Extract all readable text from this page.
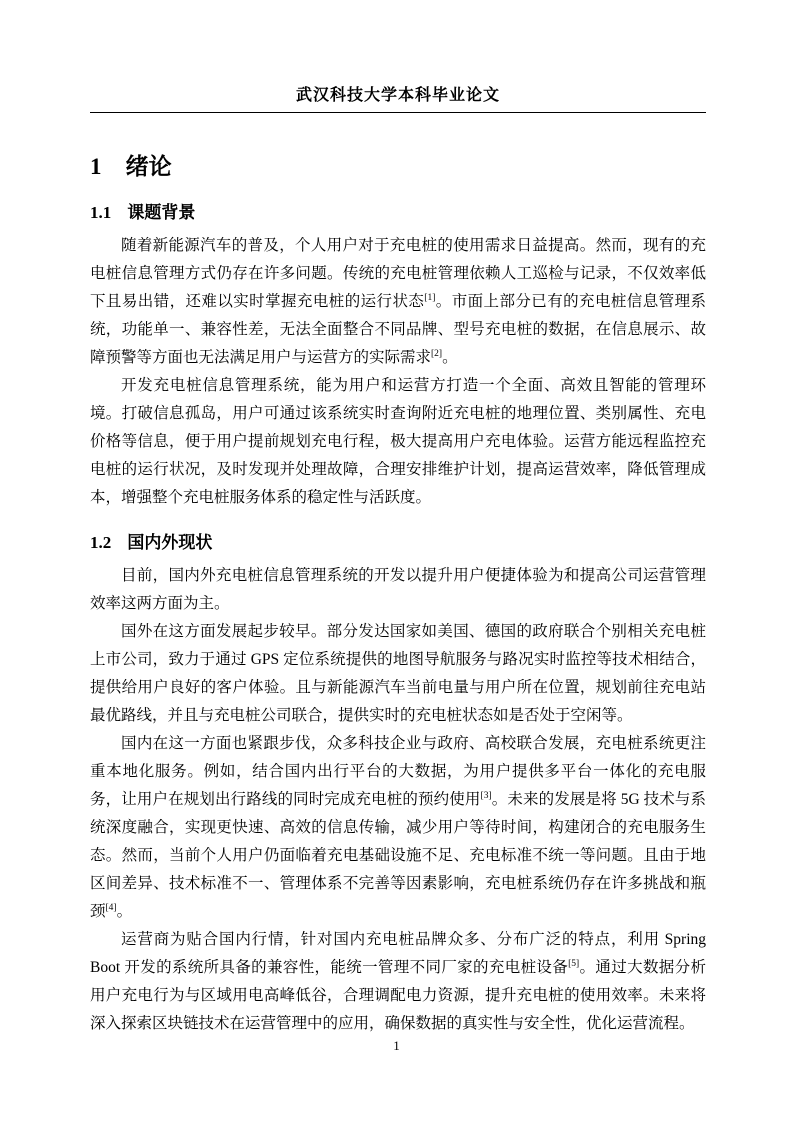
武汉科技大学本科毕业论文
1 绪论
1.1 课题背景

随着新能源汽车的普及，个人用户对于充电桩的使用需求日益提高。然而，现有的充电桩信息管理方式仍存在许多问题。传统的充电桩管理依赖人工巡检与记录，不仅效率低下且易出错，还难以实时掌握充电桩的运行状态[1]。市面上部分已有的充电桩信息管理系统，功能单一、兼容性差，无法全面整合不同品牌、型号充电桩的数据，在信息展示、故障预警等方面也无法满足用户与运营方的实际需求[2]。

开发充电桩信息管理系统，能为用户和运营方打造一个全面、高效且智能的管理环境。打破信息孤岛，用户可通过该系统实时查询附近充电桩的地理位置、类别属性、充电价格等信息，便于用户提前规划充电行程，极大提高用户充电体验。运营方能远程监控充电桩的运行状况，及时发现并处理故障，合理安排维护计划，提高运营效率，降低管理成本，增强整个充电桩服务体系的稳定性与活跃度。

1.2 国内外现状

目前，国内外充电桩信息管理系统的开发以提升用户便捷体验为和提高公司运营管理效率这两方面为主。

国外在这方面发展起步较早。部分发达国家如美国、德国的政府联合个别相关充电桩上市公司，致力于通过 GPS 定位系统提供的地图导航服务与路况实时监控等技术相结合，提供给用户良好的客户体验。且与新能源汽车当前电量与用户所在位置，规划前往充电站最优路线，并且与充电桩公司联合，提供实时的充电桩状态如是否处于空闲等。

国内在这一方面也紧跟步伐，众多科技企业与政府、高校联合发展，充电桩系统更注重本地化服务。例如，结合国内出行平台的大数据，为用户提供多平台一体化的充电服务，让用户在规划出行路线的同时完成充电桩的预约使用[3]。未来的发展是将 5G 技术与系统深度融合，实现更快速、高效的信息传输，减少用户等待时间，构建闭合的充电服务生态。然而，当前个人用户仍面临着充电基础设施不足、充电标准不统一等问题。且由于地区间差异、技术标准不一、管理体系不完善等因素影响，充电桩系统仍存在许多挑战和瓶颈[4]。

运营商为贴合国内行情，针对国内充电桩品牌众多、分布广泛的特点，利用 Spring Boot 开发的系统所具备的兼容性，能统一管理不同厂家的充电桩设备[5]。通过大数据分析用户充电行为与区域用电高峰低谷，合理调配电力资源，提升充电桩的使用效率。未来将深入探索区块链技术在运营管理中的应用，确保数据的真实性与安全性，优化运营流程。

1
